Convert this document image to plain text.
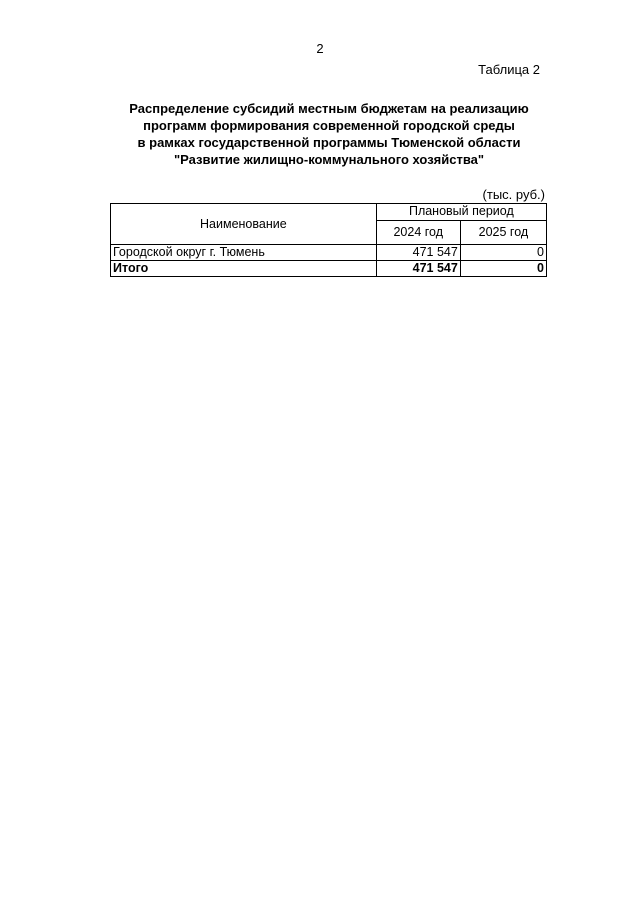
2
Таблица 2
Распределение субсидий местным бюджетам на реализацию
программ формирования современной городской среды
в рамках государственной программы Тюменской области
"Развитие жилищно-коммунального хозяйства"
(тыс. руб.)
Наименование	Плановый период	
	2024 год	2025 год
Городской округ г. Тюмень	471 547	0
Итого	471 547	0
